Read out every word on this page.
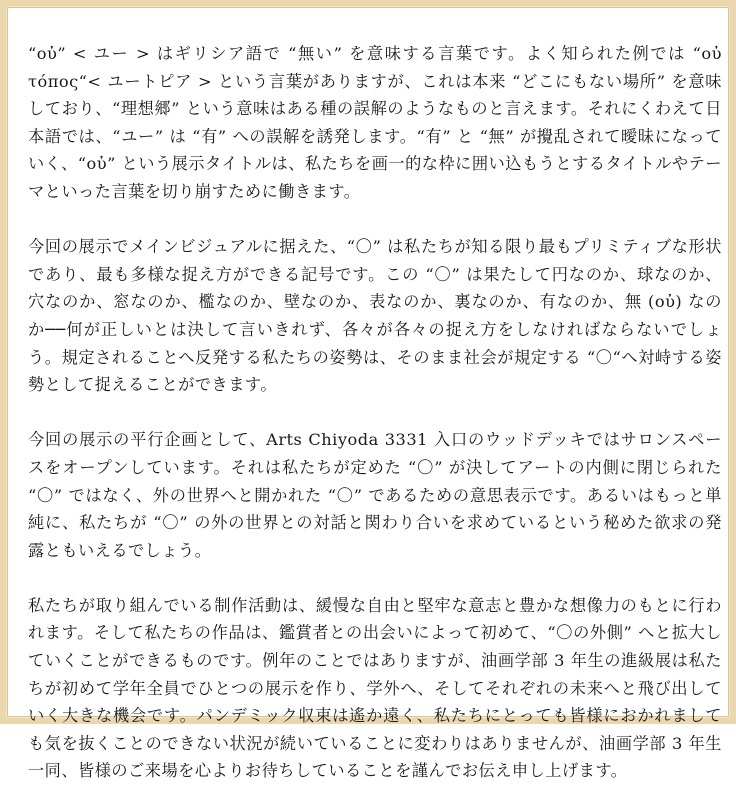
“οὐ” < ユー > はギリシア語で “無い” を意味する言葉です。よく知られた例では “οὐ τόπος“< ユートピア > という言葉がありますが、これは本来 “どこにもない場所” を意味しており、“理想郷” という意味はある種の誤解のようなものと言えます。それにくわえて日本語では、“ユー” は “有” への誤解を誘発します。“有” と “無” が攪乱されて曖昧になっていく、“οὐ” という展示タイトルは、私たちを画一的な枠に囲い込もうとするタイトルやテーマといった言葉を切り崩すために働きます。

今回の展示でメインビジュアルに据えた、“〇” は私たちが知る限り最もプリミティブな形状であり、最も多様な捉え方ができる記号です。この “〇” は果たして円なのか、球なのか、穴なのか、窓なのか、檻なのか、壁なのか、表なのか、裏なのか、有なのか、無 (οὐ) なのか──何が正しいとは決して言いきれず、各々が各々の捉え方をしなければならないでしょう。規定されることへ反発する私たちの姿勢は、そのまま社会が規定する “〇“へ対峙する姿勢として捉えることができます。

今回の展示の平行企画として、Arts Chiyoda 3331 入口のウッドデッキではサロンスペースをオープンしています。それは私たちが定めた “〇” が決してアートの内側に閉じられた “〇” ではなく、外の世界へと開かれた “〇” であるための意思表示です。あるいはもっと単純に、私たちが “〇” の外の世界との対話と関わり合いを求めているという秘めた欲求の発露ともいえるでしょう。

私たちが取り組んでいる制作活動は、緩慢な自由と堅牢な意志と豊かな想像力のもとに行われます。そして私たちの作品は、鑑賞者との出会いによって初めて、“〇の外側” へと拡大していくことができるものです。例年のことではありますが、油画学部 3 年生の進級展は私たちが初めて学年全員でひとつの展示を作り、学外へ、そしてそれぞれの未来へと飛び出していく大きな機会です。パンデミック収束は遙か遠く、私たちにとっても皆様におかれましても気を抜くことのできない状況が続いていることに変わりはありませんが、油画学部 3 年生一同、皆様のご来場を心よりお待ちしていることを謹んでお伝え申し上げます。
